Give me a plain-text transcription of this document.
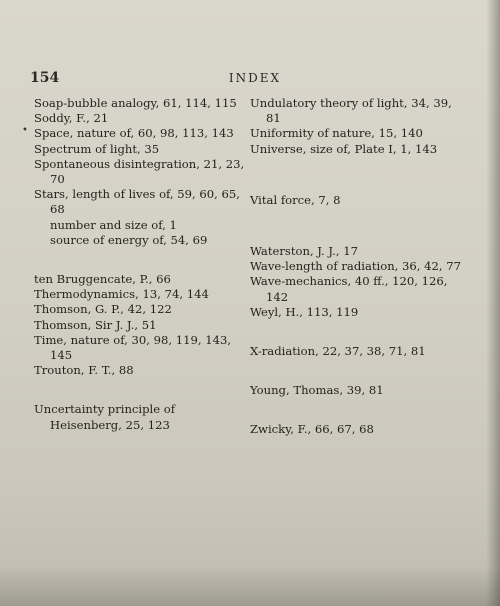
154	INDEX
•

Soap-bubble analogy, 61, 114, 115

Soddy, F., 21

Space, nature of, 60, 98, 113, 143

Spectrum of light, 35

Spontaneous disintegration, 21, 23, 70

Stars, length of lives of, 59, 60, 65, 68

number and size of, 1

source of energy of, 54, 69

ten Bruggencate, P., 66

Thermodynamics, 13, 74, 144

Thomson, G. P., 42, 122

Thomson, Sir J. J., 51

Time, nature of, 30, 98, 119, 143, 145

Trouton, F. T., 88

Uncertainty principle of Heisenberg, 25, 123

Undulatory theory of light, 34, 39, 81

Uniformity of nature, 15, 140

Universe, size of, Plate I, 1, 143

Vital force, 7, 8

Waterston, J. J., 17

Wave-length of radiation, 36, 42, 77

Wave-mechanics, 40 ff., 120, 126, 142

Weyl, H., 113, 119

X-radiation, 22, 37, 38, 71, 81

Young, Thomas, 39, 81

Zwicky, F., 66, 67, 68
